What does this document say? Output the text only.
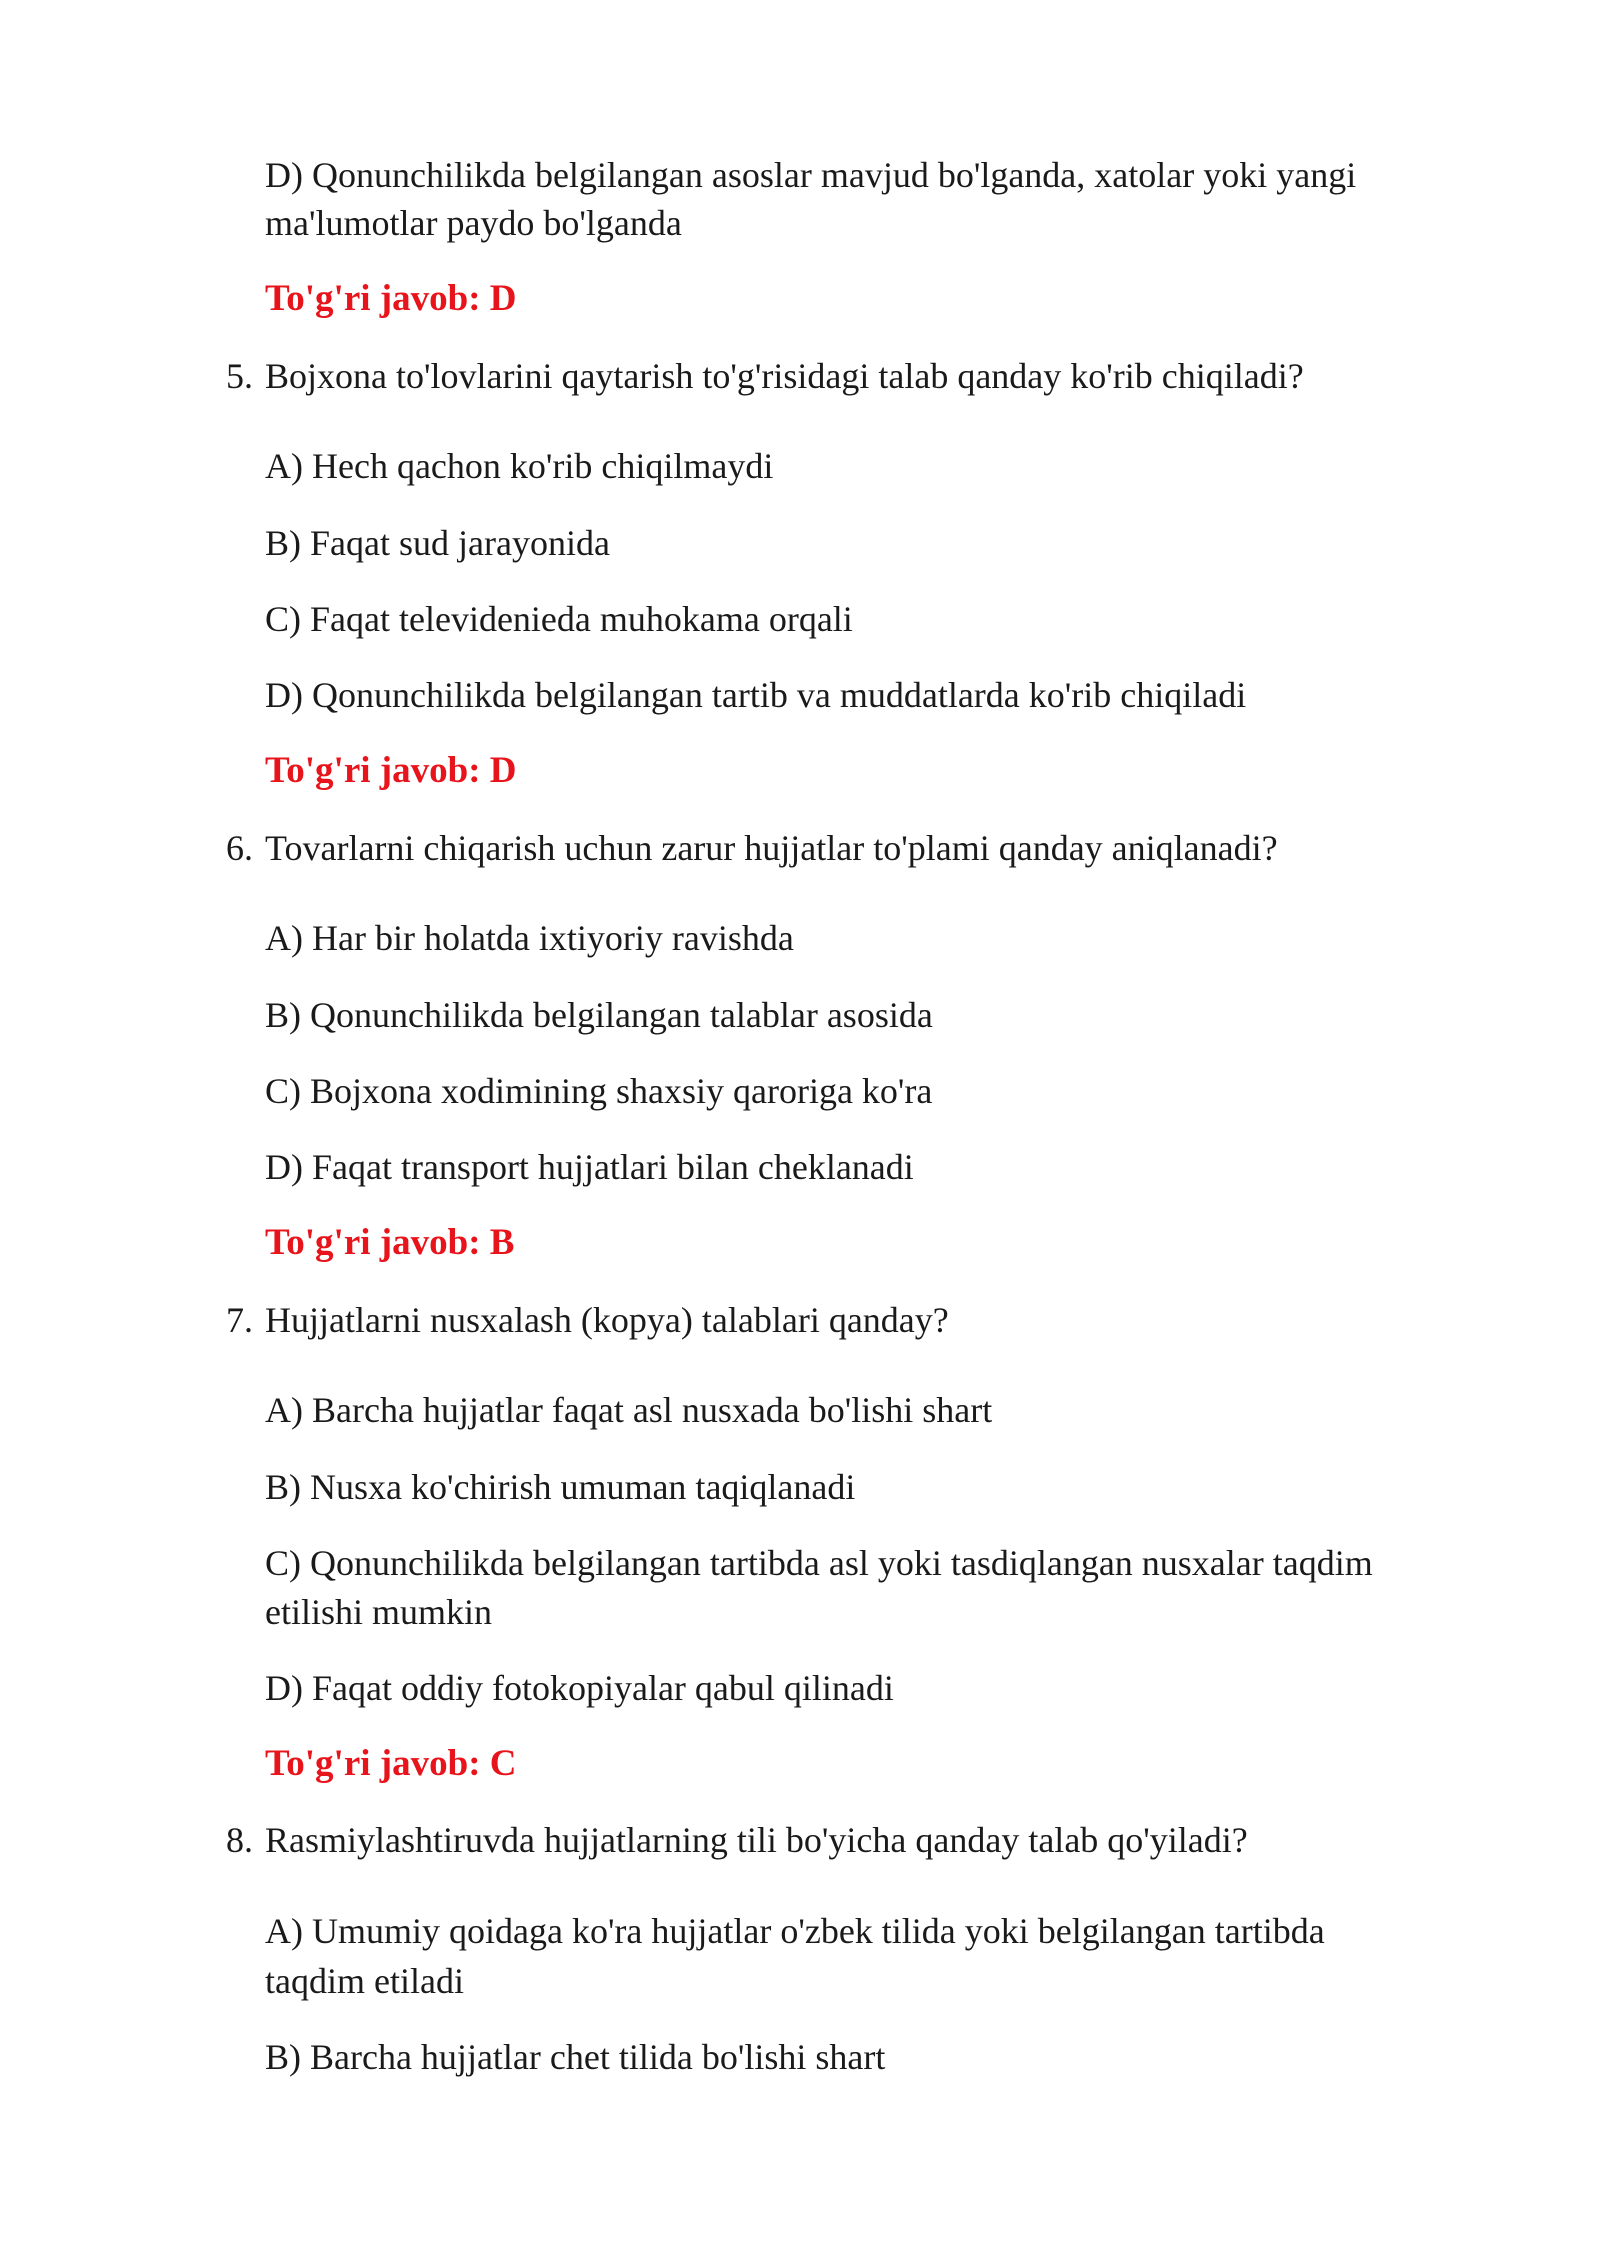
D) Qonunchilikda belgilangan asoslar mavjud bo'lganda, xatolar yoki yangi
ma'lumotlar paydo bo'lganda
To'g'ri javob: D
5. Bojxona to'lovlarini qaytarish to'g'risidagi talab qanday ko'rib chiqiladi?
A) Hech qachon ko'rib chiqilmaydi
B) Faqat sud jarayonida
C) Faqat televidenieda muhokama orqali
D) Qonunchilikda belgilangan tartib va muddatlarda ko'rib chiqiladi
To'g'ri javob: D
6. Tovarlarni chiqarish uchun zarur hujjatlar to'plami qanday aniqlanadi?
A) Har bir holatda ixtiyoriy ravishda
B) Qonunchilikda belgilangan talablar asosida
C) Bojxona xodimining shaxsiy qaroriga ko'ra
D) Faqat transport hujjatlari bilan cheklanadi
To'g'ri javob: B
7. Hujjatlarni nusxalash (kopya) talablari qanday?
A) Barcha hujjatlar faqat asl nusxada bo'lishi shart
B) Nusxa ko'chirish umuman taqiqlanadi
C) Qonunchilikda belgilangan tartibda asl yoki tasdiqlangan nusxalar taqdim
etilishi mumkin
D) Faqat oddiy fotokopiyalar qabul qilinadi
To'g'ri javob: C
8. Rasmiylashtiruvda hujjatlarning tili bo'yicha qanday talab qo'yiladi?
A) Umumiy qoidaga ko'ra hujjatlar o'zbek tilida yoki belgilangan tartibda
taqdim etiladi
B) Barcha hujjatlar chet tilida bo'lishi shart
